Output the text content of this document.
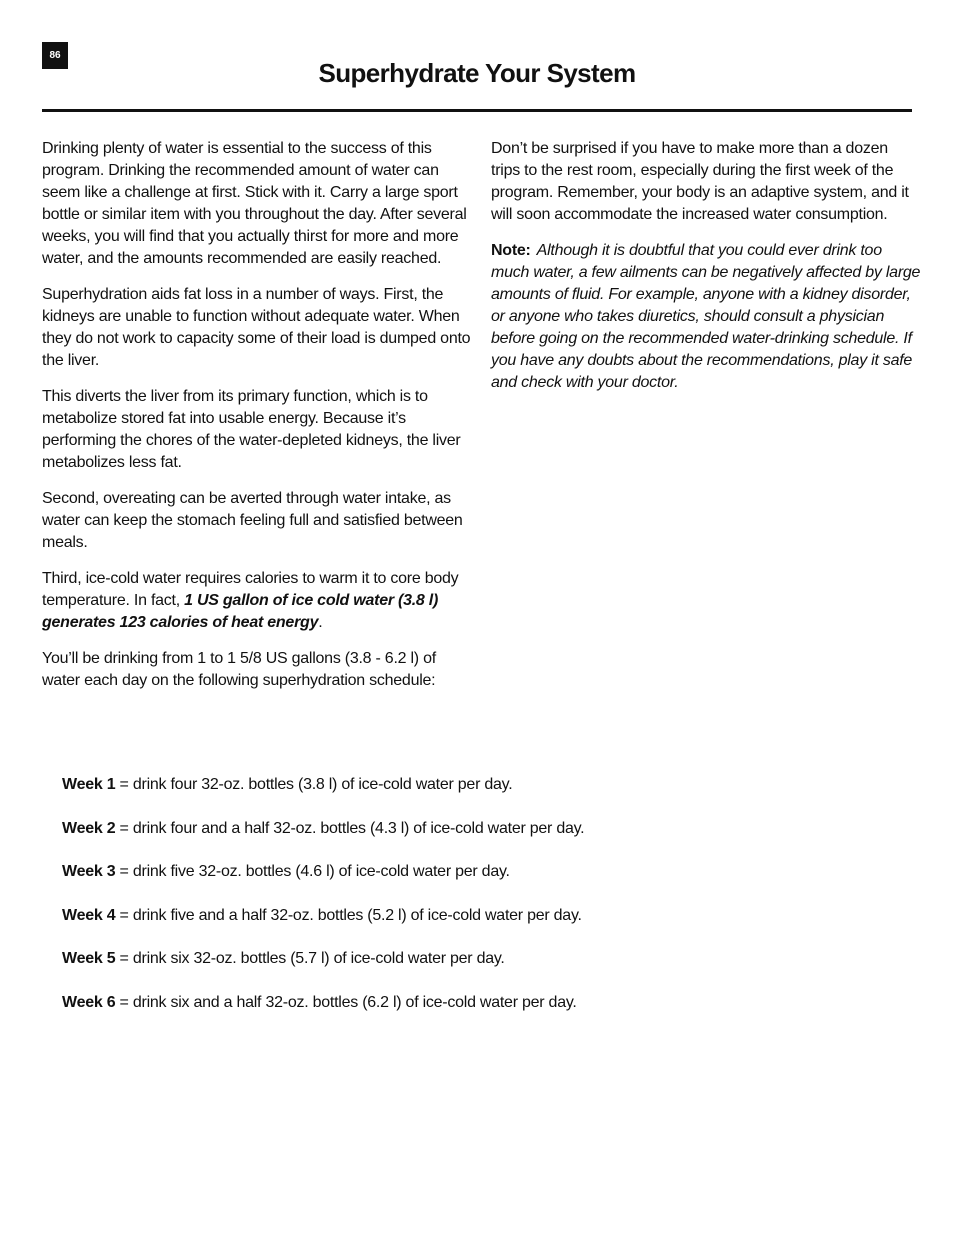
86
Superhydrate Your System

Drinking plenty of water is essential to the success of this program. Drinking the recommended amount of water can seem like a challenge at first. Stick with it. Carry a large sport bottle or similar item with you throughout the day. After several weeks, you will find that you actually thirst for more and more water, and the amounts recommended are easily reached.

Superhydration aids fat loss in a number of ways. First, the kidneys are unable to function without adequate water. When they do not work to capacity some of their load is dumped onto the liver.

This diverts the liver from its primary function, which is to metabolize stored fat into usable energy. Because it’s performing the chores of the water-depleted kidneys, the liver metabolizes less fat.

Second, overeating can be averted through water intake, as water can keep the stomach feeling full and satisfied between meals.

Third, ice-cold water requires calories to warm it to core body temperature. In fact, 1 US gallon of ice cold water (3.8 l) generates 123 calories of heat energy.

You’ll be drinking from 1 to 1 5/8 US gallons (3.8 - 6.2 l) of water each day on the following superhydration schedule:

Don’t be surprised if you have to make more than a dozen trips to the rest room, especially during the first week of the program. Remember, your body is an adaptive system, and it will soon accommodate the increased water consumption.

Note: Although it is doubtful that you could ever drink too much water, a few ailments can be negatively affected by large amounts of fluid. For example, anyone with a kidney disorder, or anyone who takes diuretics, should consult a physician before going on the recommended water-drinking schedule. If you have any doubts about the recommendations, play it safe and check with your doctor.

Week 1 = drink four 32-oz. bottles (3.8 l) of ice-cold water per day.
Week 2 = drink four and a half 32-oz. bottles (4.3 l) of ice-cold water per day.
Week 3 = drink five 32-oz. bottles (4.6 l) of ice-cold water per day.
Week 4 = drink five and a half 32-oz. bottles (5.2 l) of ice-cold water per day.
Week 5 = drink six 32-oz. bottles (5.7 l) of ice-cold water per day.
Week 6 = drink six and a half 32-oz. bottles (6.2 l) of ice-cold water per day.
